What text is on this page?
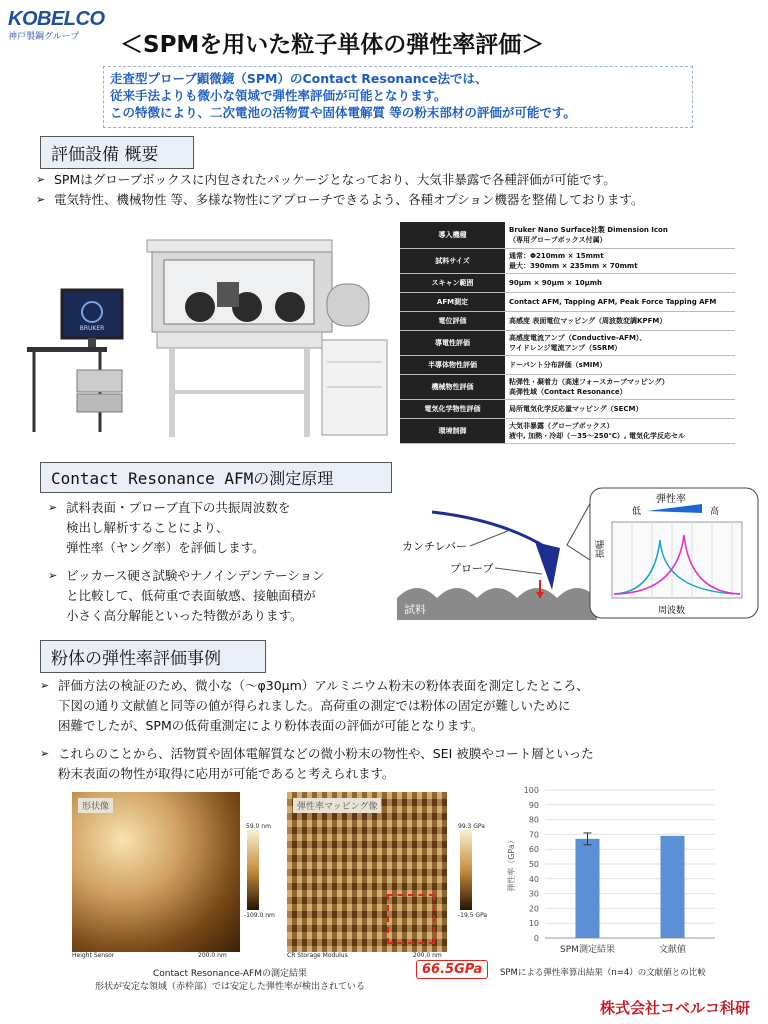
KOBELCO
神戸製鋼グループ	＜SPMを用いた粒子単体の弾性率評価＞
走査型プローブ顕微鏡（SPM）のContact Resonance法では、
従来手法よりも微小な領域で弾性率評価が可能となります。
この特徴により、二次電池の活物質や固体電解質 等の粉末部材の評価が可能です。
評価設備 概要
➢ SPMはグローブボックスに内包されたパッケージとなっており、大気非暴露で各種評価が可能です。
➢ 電気特性、機械物性 等、多様な物性にアプローチできるよう、各種オプション機器を整備しております。
BRUKER
導入機種	Bruker Nano Surface社製 Dimension Icon
（専用グローブボックス付属）
試料サイズ	通常：Φ210mm × 15mmt
最大：390mm × 235mm × 70mmt
スキャン範囲	90μm × 90μm × 10μmh
AFM測定	Contact AFM, Tapping AFM, Peak Force Tapping AFM
電位評価	高感度 表面電位マッピング（周波数変調KPFM）
導電性評価	高感度電流アンプ（Conductive-AFM）、
ワイドレンジ電流アンプ（SSRM）
半導体物性評価	ドーパント分布評価（sMIM）
機械物性評価	粘弾性・凝着力（高速フォースカーブマッピング）
高弾性域（Contact Resonance）
電気化学物性評価	局所電気化学反応量マッピング（SECM）
環境制御	大気非暴露（グローブボックス）
液中, 加熱・冷却（－35～250℃）, 電気化学反応セル
Contact Resonance AFMの測定原理
➢ 試料表面・プローブ直下の共振周波数を
検出し解析することにより、
弾性率（ヤング率）を評価します。
➢ ビッカース硬さ試験やナノインデンテーション
と比較して、低荷重で表面敏感、接触面積が
小さく高分解能といった特徴があります。
カンチレバー
プローブ
試料
弾性率
低	高
振幅
周波数
粉体の弾性率評価事例
➢ 評価方法の検証のため、微小な（～φ30μm）アルミニウム粉末の粉体表面を測定したところ、
下図の通り文献値と同等の値が得られました。高荷重の測定では粉体の固定が難しいために
困難でしたが、SPMの低荷重測定により粉体表面の評価が可能となります。
➢ これらのことから、活物質や固体電解質などの微小粉末の物性や、SEI 被膜やコート層といった
粉末表面の物性が取得に応用が可能であると考えられます。
形状像
Height Sensor	200.0 nm
59.0 nm
-109.0 nm
弾性率マッピング像
CR Storage Modulus	200.0 nm
99.3 GPa
-19.5 GPa
66.5GPa
Contact Resonance-AFMの測定結果
形状が安定な領域（赤枠部）では安定した弾性率が検出されている
0
10
20
30
40
50
60
70
80
90
100
弾性率（GPa）
SPM測定結果	文献値
SPMによる弾性率算出結果（n=4）の文献値との比較
株式会社コベルコ科研
